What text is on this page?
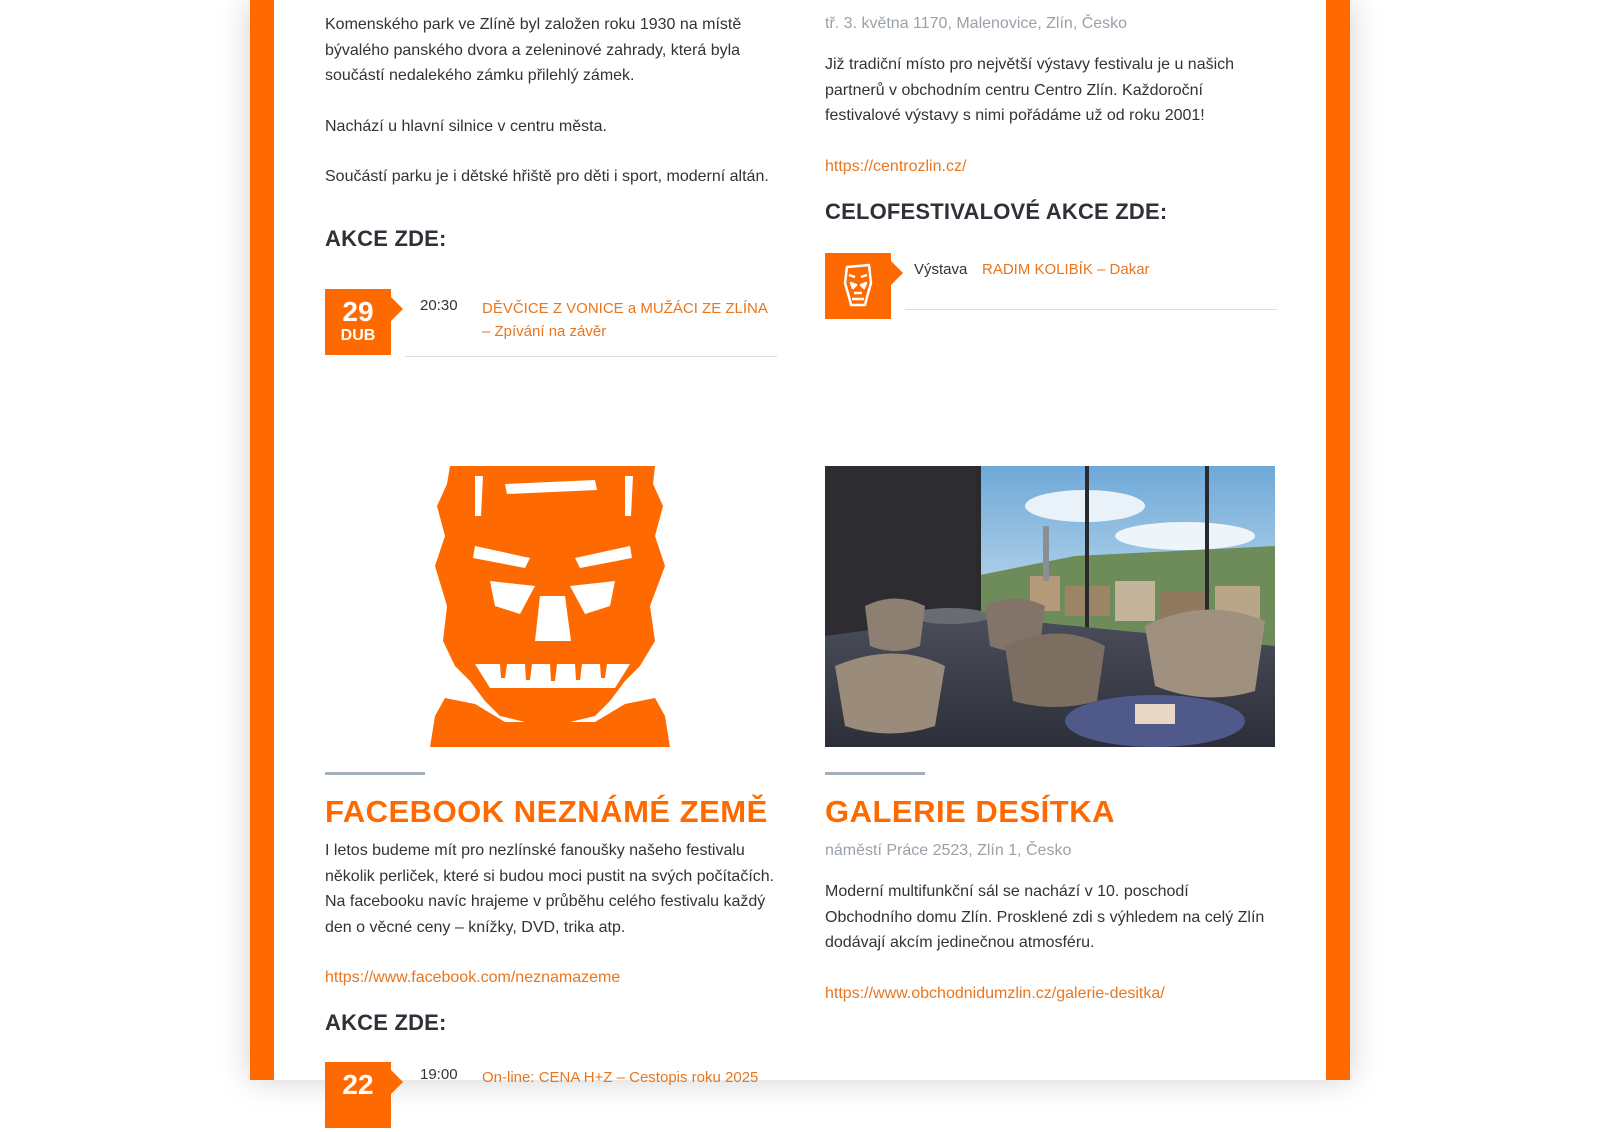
Komenského park ve Zlíně byl založen roku 1930 na místě bývalého panského dvora a zeleninové zahrady, která byla součástí nedalekého zámku přilehlý zámek.

Nachází u hlavní silnice v centru města.

Součástí parku je i dětské hřiště pro děti i sport, moderní altán.

AKCE ZDE:
29
DUB
20:30 DĚVČICE Z VONICE a MUŽÁCI ZE ZLÍNA – Zpívání na závěr

tř. 3. května 1170, Malenovice, Zlín, Česko

Již tradiční místo pro největší výstavy festivalu je u našich partnerů v obchodním centru Centro Zlín. Každoroční festivalové výstavy s nimi pořádáme už od roku 2001!

https://centrozlin.cz/
CELOFESTIVALOVÉ AKCE ZDE:
Výstava RADIM KOLIBÍK – Dakar
FACEBOOK NEZNÁMÉ ZEMĚ

I letos budeme mít pro nezlínské fanoušky našeho festivalu několik perliček, které si budou moci pustit na svých počítačích. Na facebooku navíc hrajeme v průběhu celého festivalu každý den o věcné ceny – knížky, DVD, trika atp.

https://www.facebook.com/neznamazeme
AKCE ZDE:
22	19:00 On-line: CENA H+Z – Cestopis roku 2025
GALERIE DESÍTKA

náměstí Práce 2523, Zlín 1, Česko

Moderní multifunkční sál se nachází v 10. poschodí Obchodního domu Zlín. Prosklené zdi s výhledem na celý Zlín dodávají akcím jedinečnou atmosféru.

https://www.obchodnidumzlin.cz/galerie-desitka/
